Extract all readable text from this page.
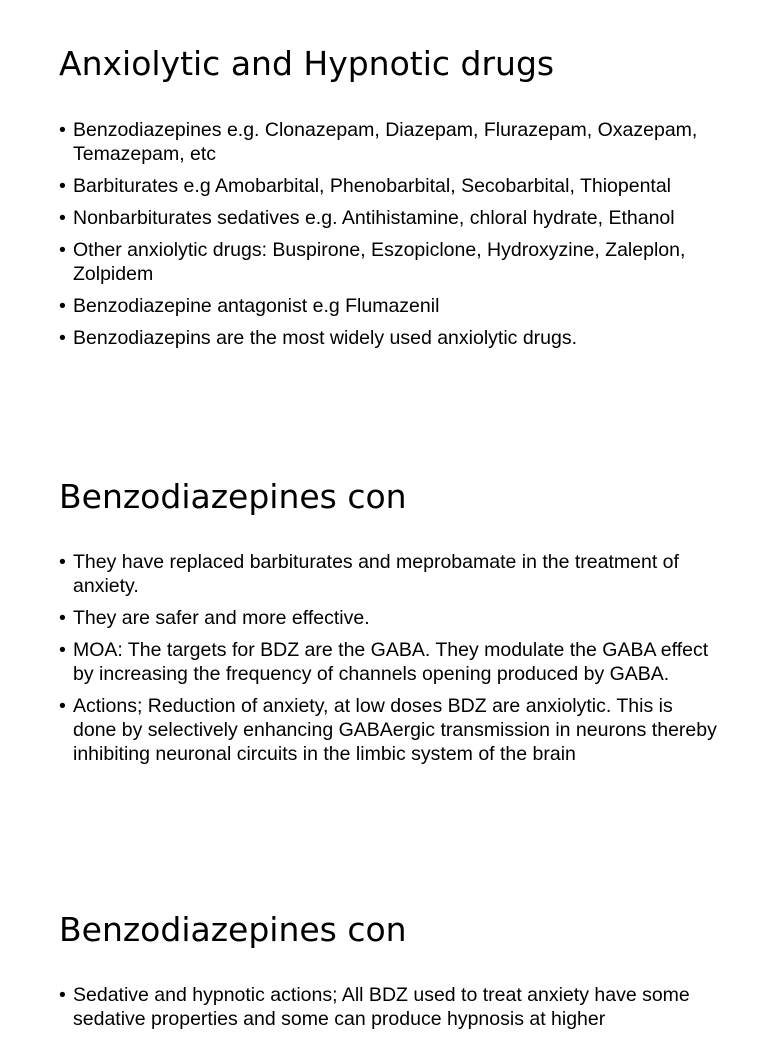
Anxiolytic and Hypnotic drugs
• Benzodiazepines e.g. Clonazepam, Diazepam, Flurazepam, Oxazepam, Temazepam, etc
• Barbiturates e.g Amobarbital, Phenobarbital, Secobarbital, Thiopental
• Nonbarbiturates sedatives e.g. Antihistamine, chloral hydrate, Ethanol
• Other anxiolytic drugs: Buspirone, Eszopiclone, Hydroxyzine, Zaleplon, Zolpidem
• Benzodiazepine antagonist e.g Flumazenil
• Benzodiazepins are the most widely used anxiolytic drugs.
Benzodiazepines con
• They have replaced barbiturates and meprobamate in the treatment of anxiety.
• They are safer and more effective.
• MOA: The targets for BDZ are the GABA. They modulate the GABA effect by increasing the frequency of channels opening produced by GABA.
• Actions; Reduction of anxiety, at low doses BDZ are anxiolytic. This is done by selectively enhancing GABAergic transmission in neurons thereby inhibiting neuronal circuits in the limbic system of the brain
Benzodiazepines con
• Sedative and hypnotic actions; All BDZ used to treat anxiety have some sedative properties and some can produce hypnosis at higher
